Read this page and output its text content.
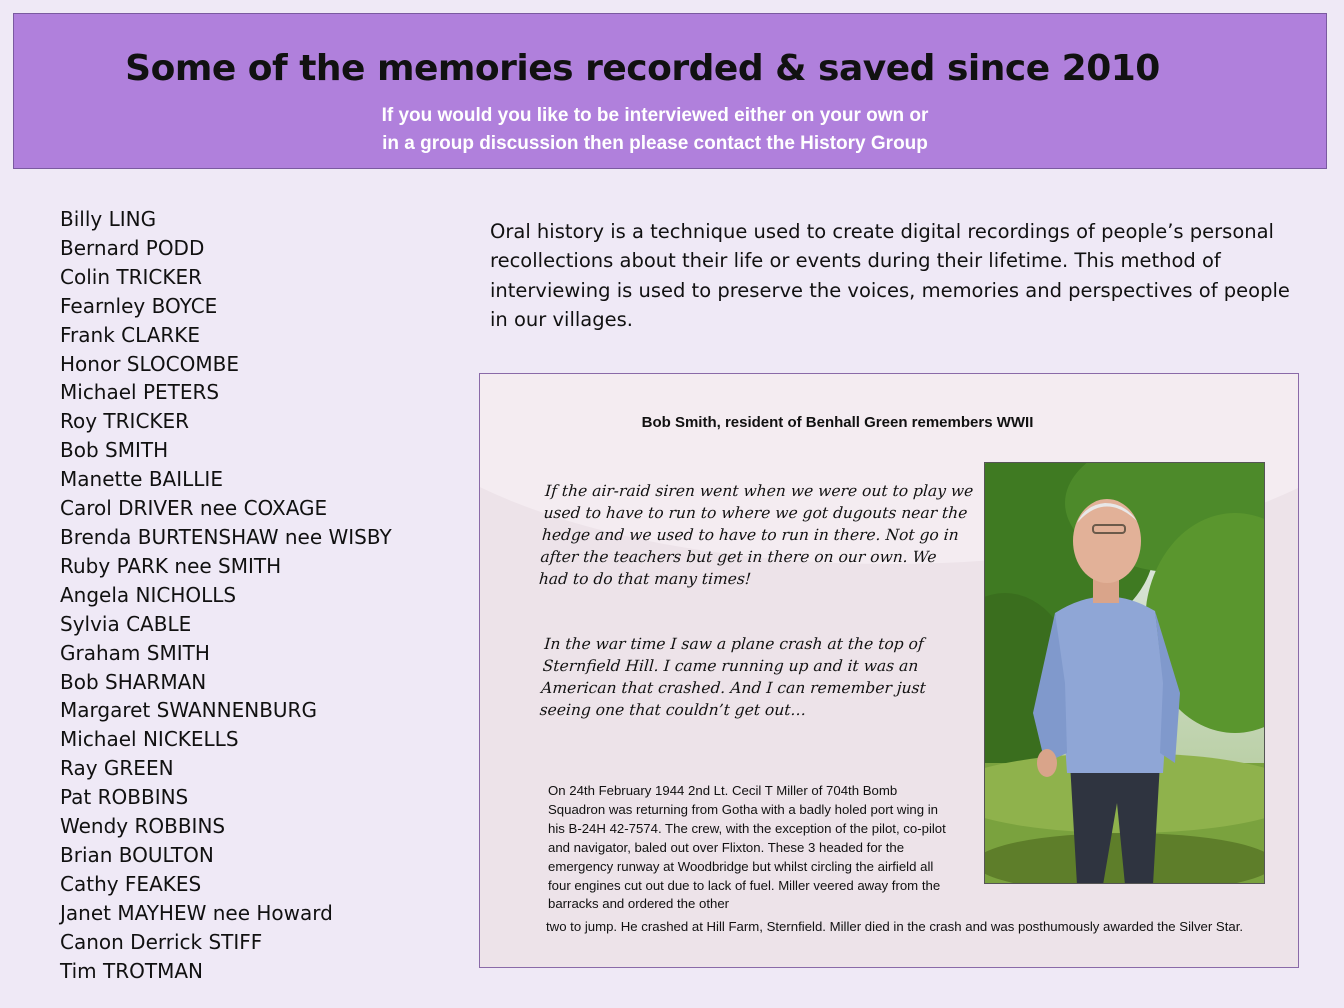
Some of the memories recorded & saved since 2010
If you would you like to be interviewed either on your own or
in a group discussion then please contact the History Group
Billy LING
Bernard PODD
Colin TRICKER
Fearnley BOYCE
Frank CLARKE
Honor SLOCOMBE
Michael PETERS
Roy TRICKER
Bob SMITH
Manette BAILLIE
Carol DRIVER nee COXAGE
Brenda BURTENSHAW nee WISBY
Ruby PARK nee SMITH
Angela NICHOLLS
Sylvia CABLE
Graham SMITH
Bob SHARMAN
Margaret SWANNENBURG
Michael NICKELLS
Ray GREEN
Pat ROBBINS
Wendy ROBBINS
Brian BOULTON
Cathy FEAKES
Janet MAYHEW nee Howard
Canon Derrick STIFF
Tim TROTMAN
Oral history is a technique used to create digital recordings of people’s personal recollections about their life or events during their lifetime. This method of interviewing is used to preserve the voices, memories and perspectives of people in our villages.
Bob Smith, resident of Benhall Green remembers WWII
If the air-raid siren went when we were out to play we used to have to run to where we got dugouts near the hedge and we used to have to run in there. Not go in after the teachers but get in there on our own. We had to do that many times!
In the war time I saw a plane crash at the top of Sternfield Hill. I came running up and it was an American that crashed. And I can remember just seeing one that couldn’t get out…
On 24th February 1944 2nd Lt. Cecil T Miller of 704th Bomb Squadron was returning from Gotha with a badly holed port wing in his B-24H 42-7574. The crew, with the exception of the pilot, co-pilot and navigator, baled out over Flixton. These 3 headed for the emergency runway at Woodbridge but whilst circling the airfield all four engines cut out due to lack of fuel. Miller veered away from the barracks and ordered the other
two to jump. He crashed at Hill Farm, Sternfield. Miller died in the crash and was posthumously awarded the Silver Star.
